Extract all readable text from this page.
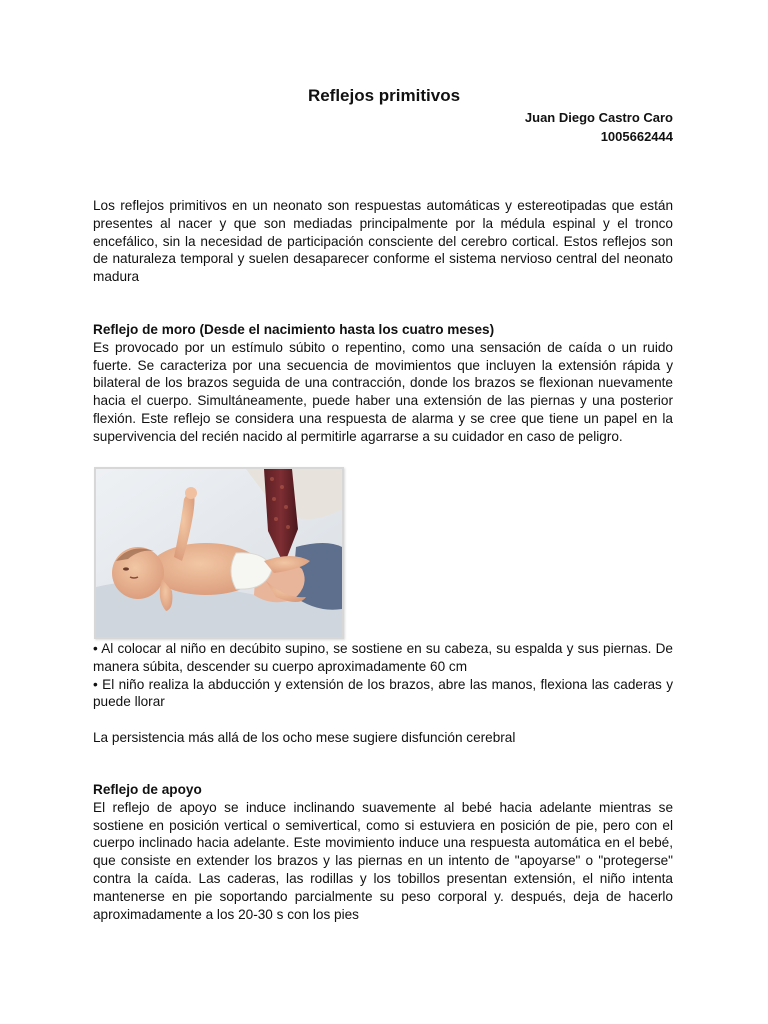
Reflejos primitivos
Juan Diego Castro Caro
1005662444

Los reflejos primitivos en un neonato son respuestas automáticas y estereotipadas que están presentes al nacer y que son mediadas principalmente por la médula espinal y el tronco encefálico, sin la necesidad de participación consciente del cerebro cortical. Estos reflejos son de naturaleza temporal y suelen desaparecer conforme el sistema nervioso central del neonato madura

Reflejo de moro (Desde el nacimiento hasta los cuatro meses)

Es provocado por un estímulo súbito o repentino, como una sensación de caída o un ruido fuerte. Se caracteriza por una secuencia de movimientos que incluyen la extensión rápida y bilateral de los brazos seguida de una contracción, donde los brazos se flexionan nuevamente hacia el cuerpo. Simultáneamente, puede haber una extensión de las piernas y una posterior flexión. Este reflejo se considera una respuesta de alarma y se cree que tiene un papel en la supervivencia del recién nacido al permitirle agarrarse a su cuidador en caso de peligro.

• Al colocar al niño en decúbito supino, se sostiene en su cabeza, su espalda y sus piernas. De manera súbita, descender su cuerpo aproximadamente 60 cm

• El niño realiza la abducción y extensión de los brazos, abre las manos, flexiona las caderas y puede llorar

La persistencia más allá de los ocho mese sugiere disfunción cerebral

Reflejo de apoyo

El reflejo de apoyo se induce inclinando suavemente al bebé hacia adelante mientras se sostiene en posición vertical o semivertical, como si estuviera en posición de pie, pero con el cuerpo inclinado hacia adelante. Este movimiento induce una respuesta automática en el bebé, que consiste en extender los brazos y las piernas en un intento de "apoyarse" o "protegerse" contra la caída. Las caderas, las rodillas y los tobillos presentan extensión, el niño intenta mantenerse en pie soportando parcialmente su peso corporal y. después, deja de hacerlo aproximadamente a los 20-30 s con los pies
